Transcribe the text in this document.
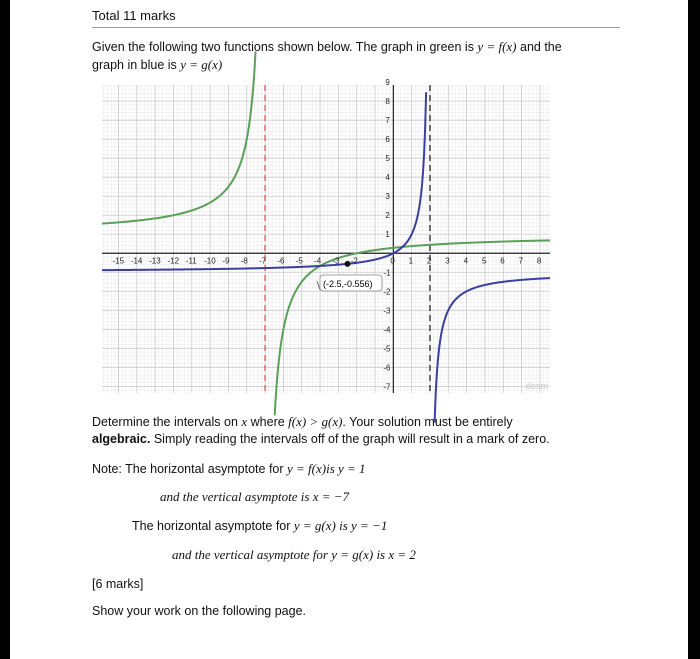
Total 11 marks
Given the following two functions shown below. The graph in green is y = f(x) and the
graph in blue is y = g(x)
-15 -14 -13 -12 -11 -10 -9 -8 -7 -6 -5 -4 -3 -2	0 1 2 3 4 5 6 7 8
9
8
7
6
5
4
3
2
1
-1
-2
-3
-4
-5
-6
-7
(-2.5,-0.556)
desm
Determine the intervals on x where f(x) > g(x). Your solution must be entirely
algebraic. Simply reading the intervals off of the graph will result in a mark of zero.
Note: The horizontal asymptote for y = f(x)is y = 1
and the vertical asymptote is x = −7
The horizontal asymptote for y = g(x) is y = −1
and the vertical asymptote for y = g(x) is x = 2
[6 marks]
Show your work on the following page.
